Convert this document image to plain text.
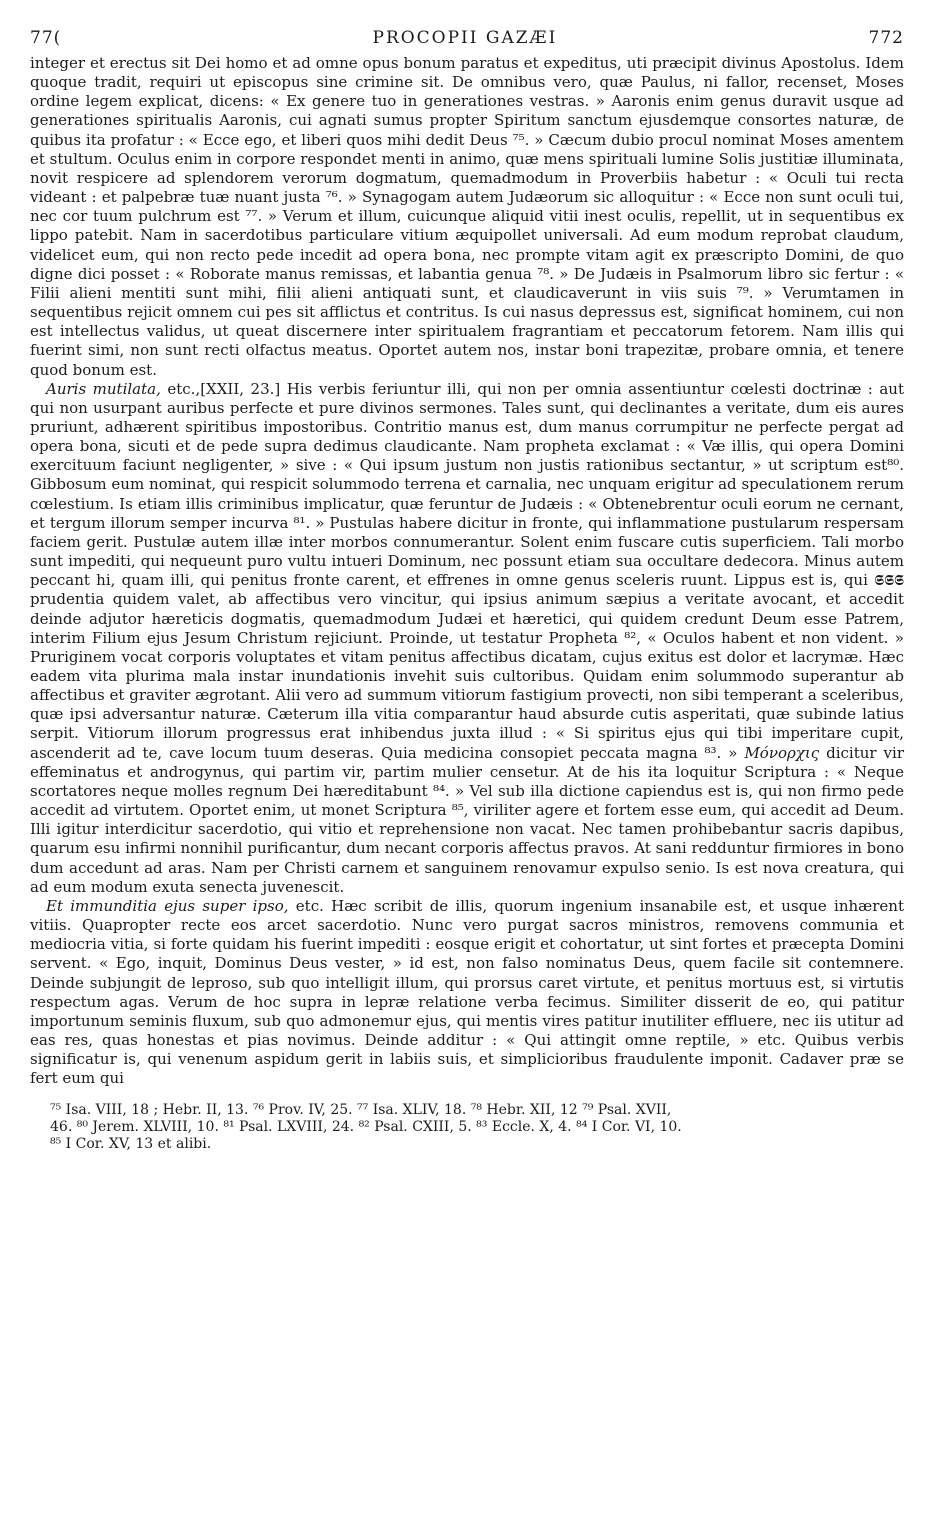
77(	PROCOPII GAZÆI	772

integer et erectus sit Dei homo et ad omne opus bonum paratus et expeditus, uti præcipit divinus Apostolus. Idem quoque tradit, requiri ut episcopus sine crimine sit. De omnibus vero, quæ Paulus, ni fallor, recenset, Moses ordine legem explicat, dicens: « Ex genere tuo in generationes vestras. » Aaronis enim genus duravit usque ad generationes spiritualis Aaronis, cui agnati sumus propter Spiritum sanctum ejusdemque consortes naturæ, de quibus ita profatur : « Ecce ego, et liberi quos mihi dedit Deus ⁷⁵. » Cæcum dubio procul nominat Moses amentem et stultum. Oculus enim in corpore respondet menti in animo, quæ mens spirituali lumine Solis justitiæ illuminata, novit respicere ad splendorem verorum dogmatum, quemadmodum in Proverbiis habetur : « Oculi tui recta videant : et palpebræ tuæ nuant justa ⁷⁶. » Synagogam autem Judæorum sic alloquitur : « Ecce non sunt oculi tui, nec cor tuum pulchrum est ⁷⁷. » Verum et illum, cuicunque aliquid vitii inest oculis, repellit, ut in sequentibus ex lippo patebit. Nam in sacerdotibus particulare vitium æquipollet universali. Ad eum modum reprobat claudum, videlicet eum, qui non recto pede incedit ad opera bona, nec prompte vitam agit ex præscripto Domini, de quo digne dici posset : « Roborate manus remissas, et labantia genua ⁷⁸. » De Judæis in Psalmorum libro sic fertur : « Filii alieni mentiti sunt mihi, filii alieni antiquati sunt, et claudicaverunt in viis suis ⁷⁹. » Verumtamen in sequentibus rejicit omnem cui pes sit afflictus et contritus. Is cui nasus depressus est, significat hominem, cui non est intellectus validus, ut queat discernere inter spiritualem fragrantiam et peccatorum fetorem. Nam illis qui fuerint simi, non sunt recti olfactus meatus. Oportet autem nos, instar boni trapezitæ, probare omnia, et tenere quod bonum est.

Auris mutilata, etc.,[XXII, 23.] His verbis feriuntur illi, qui non per omnia assentiuntur cœlesti doctrinæ : aut qui non usurpant auribus perfecte et pure divinos sermones. Tales sunt, qui declinantes a veritate, dum eis aures pruriunt, adhærent spiritibus impostoribus. Contritio manus est, dum manus corrumpitur ne perfecte pergat ad opera bona, sicuti et de pede supra dedimus claudicante. Nam propheta exclamat : « Væ illis, qui opera Domini exercituum faciunt negligenter, » sive : « Qui ipsum justum non justis rationibus sectantur, » ut scriptum est⁸⁰. Gibbosum eum nominat, qui respicit solummodo terrena et carnalia, nec unquam erigitur ad speculationem rerum cœlestium. Is etiam illis criminibus implicatur, quæ feruntur de Judæis : « Obtenebrentur oculi eorum ne cernant, et tergum illorum semper incurva ⁸¹. » Pustulas habere dicitur in fronte, qui inflammatione pustularum respersam faciem gerit. Pustulæ autem illæ inter morbos connumerantur. Solent enim fuscare cutis superficiem. Tali morbo sunt impediti, qui nequeunt puro vultu intueri Dominum, nec possunt etiam sua occultare dedecora. Minus autem peccant hi, quam illi, qui penitus fronte carent, et effrenes in omne genus sceleris ruunt. Lippus est is, qui 𝕾𝕾𝕾 prudentia quidem valet, ab affectibus vero vincitur, qui ipsius animum sæpius a veritate avocant, et accedit deinde adjutor hæreticis dogmatis, quemadmodum Judæi et hæretici, qui quidem credunt Deum esse Patrem, interim Filium ejus Jesum Christum rejiciunt. Proinde, ut testatur Propheta ⁸², « Oculos habent et non vident. » Pruriginem vocat corporis voluptates et vitam penitus affectibus dicatam, cujus exitus est dolor et lacrymæ. Hæc eadem vita plurima mala instar inundationis invehit suis cultoribus. Quidam enim solummodo superantur ab affectibus et graviter ægrotant. Alii vero ad summum vitiorum fastigium provecti, non sibi temperant a sceleribus, quæ ipsi adversantur naturæ. Cæterum illa vitia comparantur haud absurde cutis asperitati, quæ subinde latius serpit. Vitiorum illorum progressus erat inhibendus juxta illud : « Si spiritus ejus qui tibi imperitare cupit, ascenderit ad te, cave locum tuum deseras. Quia medicina consopiet peccata magna ⁸³. » Μόνορχις dicitur vir effeminatus et androgynus, qui partim vir, partim mulier censetur. At de his ita loquitur Scriptura : « Neque scortatores neque molles regnum Dei hæreditabunt ⁸⁴. » Vel sub illa dictione capiendus est is, qui non firmo pede accedit ad virtutem. Oportet enim, ut monet Scriptura ⁸⁵, viriliter agere et fortem esse eum, qui accedit ad Deum. Illi igitur interdicitur sacerdotio, qui vitio et reprehensione non vacat. Nec tamen prohibebantur sacris dapibus, quarum esu infirmi nonnihil purificantur, dum necant corporis affectus pravos. At sani redduntur firmiores in bono dum accedunt ad aras. Nam per Christi carnem et sanguinem renovamur expulso senio. Is est nova creatura, qui ad eum modum exuta senecta juvenescit.

Et immunditia ejus super ipso, etc. Hæc scribit de illis, quorum ingenium insanabile est, et usque inhærent vitiis. Quapropter recte eos arcet sacerdotio. Nunc vero purgat sacros ministros, removens communia et mediocria vitia, si forte quidam his fuerint impediti : eosque erigit et cohortatur, ut sint fortes et præcepta Domini servent. « Ego, inquit, Dominus Deus vester, » id est, non falso nominatus Deus, quem facile sit contemnere. Deinde subjungit de leproso, sub quo intelligit illum, qui prorsus caret virtute, et penitus mortuus est, si virtutis respectum agas. Verum de hoc supra in lepræ relatione verba fecimus. Similiter disserit de eo, qui patitur importunum seminis fluxum, sub quo admonemur ejus, qui mentis vires patitur inutiliter effluere, nec iis utitur ad eas res, quas honestas et pias novimus. Deinde additur : « Qui attingit omne reptile, » etc. Quibus verbis significatur is, qui venenum aspidum gerit in labiis suis, et simplicioribus fraudulente imponit. Cadaver præ se fert eum qui

⁷⁵ Isa. VIII, 18 ; Hebr. II, 13. ⁷⁶ Prov. IV, 25. ⁷⁷ Isa. XLIV, 18. ⁷⁸ Hebr. XII, 12 ⁷⁹ Psal. XVII,

46. ⁸⁰ Jerem. XLVIII, 10. ⁸¹ Psal. LXVIII, 24. ⁸² Psal. CXIII, 5. ⁸³ Eccle. X, 4. ⁸⁴ I Cor. VI, 10.

⁸⁵ I Cor. XV, 13 et alibi.
